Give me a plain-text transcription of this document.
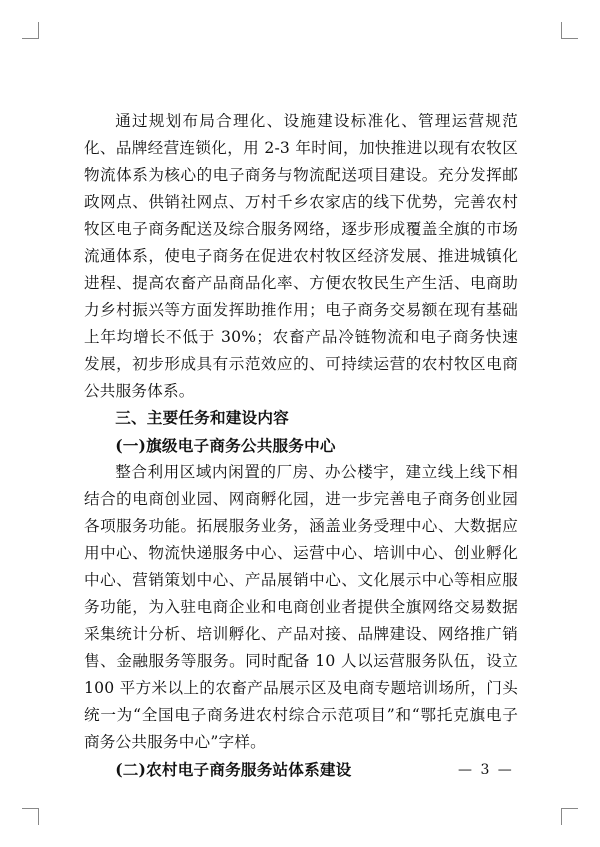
通过规划布局合理化、设施建设标准化、管理运营规范化、品牌经营连锁化，用 2-3 年时间，加快推进以现有农牧区物流体系为核心的电子商务与物流配送项目建设。充分发挥邮政网点、供销社网点、万村千乡农家店的线下优势，完善农村牧区电子商务配送及综合服务网络，逐步形成覆盖全旗的市场流通体系，使电子商务在促进农村牧区经济发展、推进城镇化进程、提高农畜产品商品化率、方便农牧民生产生活、电商助力乡村振兴等方面发挥助推作用；电子商务交易额在现有基础上年均增长不低于 30%；农畜产品冷链物流和电子商务快速发展，初步形成具有示范效应的、可持续运营的农村牧区电商公共服务体系。

三、主要任务和建设内容

(一)旗级电子商务公共服务中心

整合利用区域内闲置的厂房、办公楼宇，建立线上线下相结合的电商创业园、网商孵化园，进一步完善电子商务创业园各项服务功能。拓展服务业务，涵盖业务受理中心、大数据应用中心、物流快递服务中心、运营中心、培训中心、创业孵化中心、营销策划中心、产品展销中心、文化展示中心等相应服务功能，为入驻电商企业和电商创业者提供全旗网络交易数据采集统计分析、培训孵化、产品对接、品牌建设、网络推广销售、金融服务等服务。同时配备 10 人以运营服务队伍，设立 100 平方米以上的农畜产品展示区及电商专题培训场所，门头统一为“全国电子商务进农村综合示范项目”和“鄂托克旗电子商务公共服务中心”字样。

(二)农村电子商务服务站体系建设	— 3 —
